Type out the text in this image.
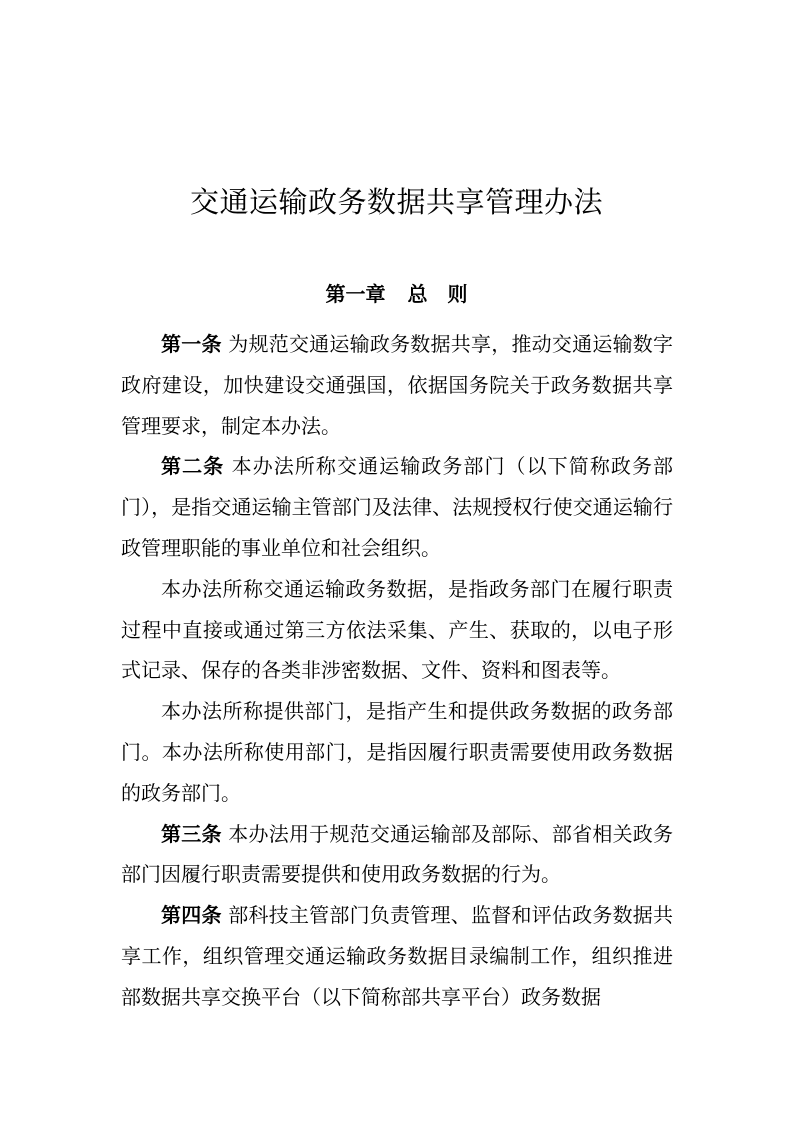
交通运输政务数据共享管理办法
第一章 总　则

第一条 为规范交通运输政务数据共享，推动交通运输数字政府建设，加快建设交通强国，依据国务院关于政务数据共享管理要求，制定本办法。

第二条 本办法所称交通运输政务部门（以下简称政务部门），是指交通运输主管部门及法律、法规授权行使交通运输行政管理职能的事业单位和社会组织。

本办法所称交通运输政务数据，是指政务部门在履行职责过程中直接或通过第三方依法采集、产生、获取的，以电子形式记录、保存的各类非涉密数据、文件、资料和图表等。

本办法所称提供部门，是指产生和提供政务数据的政务部门。本办法所称使用部门，是指因履行职责需要使用政务数据的政务部门。

第三条 本办法用于规范交通运输部及部际、部省相关政务部门因履行职责需要提供和使用政务数据的行为。

第四条 部科技主管部门负责管理、监督和评估政务数据共享工作，组织管理交通运输政务数据目录编制工作，组织推进部数据共享交换平台（以下简称部共享平台）政务数据
